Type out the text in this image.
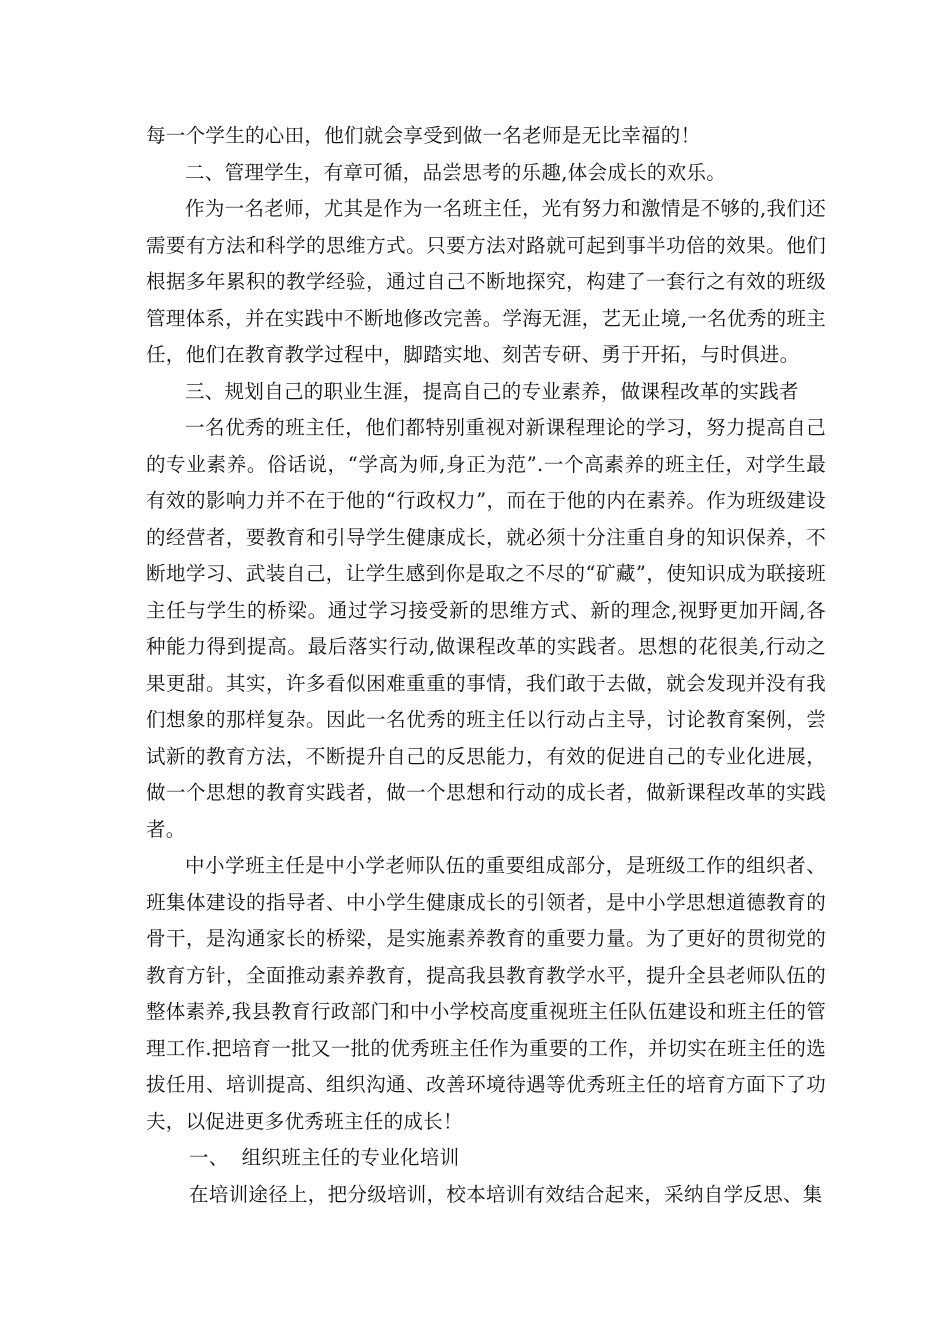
每一个学生的心田，他们就会享受到做一名老师是无比幸福的！

二、管理学生，有章可循，品尝思考的乐趣,体会成长的欢乐。

作为一名老师，尤其是作为一名班主任，光有努力和激情是不够的,我们还需要有方法和科学的思维方式。只要方法对路就可起到事半功倍的效果。他们根据多年累积的教学经验，通过自己不断地探究，构建了一套行之有效的班级管理体系，并在实践中不断地修改完善。学海无涯，艺无止境,一名优秀的班主任，他们在教育教学过程中，脚踏实地、刻苦专研、勇于开拓，与时俱进。

三、规划自己的职业生涯，提高自己的专业素养，做课程改革的实践者

一名优秀的班主任，他们都特别重视对新课程理论的学习，努力提高自己的专业素养。俗话说，“学高为师,身正为范”.一个高素养的班主任，对学生最有效的影响力并不在于他的“行政权力”，而在于他的内在素养。作为班级建设的经营者，要教育和引导学生健康成长，就必须十分注重自身的知识保养，不断地学习、武装自己，让学生感到你是取之不尽的“矿藏”，使知识成为联接班主任与学生的桥梁。通过学习接受新的思维方式、新的理念,视野更加开阔,各种能力得到提高。最后落实行动,做课程改革的实践者。思想的花很美,行动之果更甜。其实，许多看似困难重重的事情，我们敢于去做，就会发现并没有我们想象的那样复杂。因此一名优秀的班主任以行动占主导，讨论教育案例，尝试新的教育方法，不断提升自己的反思能力，有效的促进自己的专业化进展，做一个思想的教育实践者，做一个思想和行动的成长者，做新课程改革的实践者。

中小学班主任是中小学老师队伍的重要组成部分，是班级工作的组织者、班集体建设的指导者、中小学生健康成长的引领者，是中小学思想道德教育的骨干，是沟通家长的桥梁，是实施素养教育的重要力量。为了更好的贯彻党的教育方针，全面推动素养教育，提高我县教育教学水平，提升全县老师队伍的整体素养,我县教育行政部门和中小学校高度重视班主任队伍建设和班主任的管理工作.把培育一批又一批的优秀班主任作为重要的工作，并切实在班主任的选拔任用、培训提高、组织沟通、改善环境待遇等优秀班主任的培育方面下了功夫，以促进更多优秀班主任的成长！

一、  组织班主任的专业化培训

在培训途径上，把分级培训，校本培训有效结合起来，采纳自学反思、集
